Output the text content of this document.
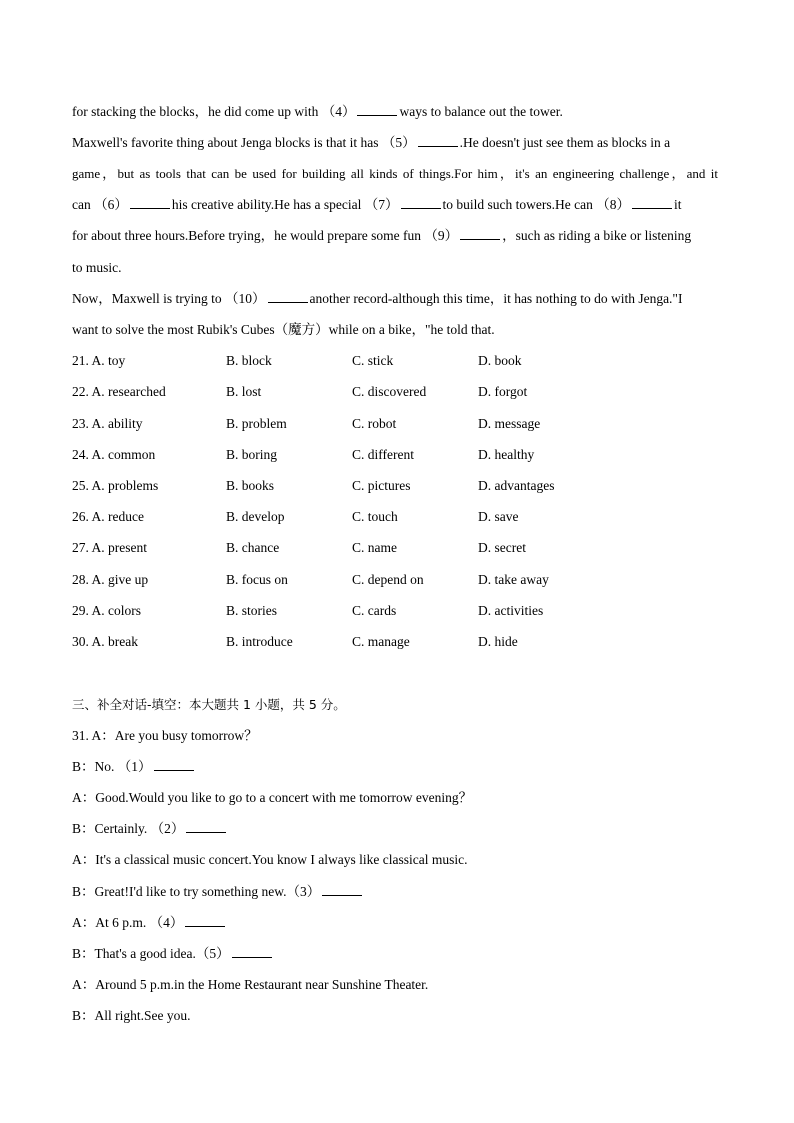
for stacking the blocks，he did come up with （4）	ways to balance out the tower.
Maxwell's favorite thing about Jenga blocks is that it has （5）	.He doesn't just see them as blocks in a
game，but as tools that can be used for building all kinds of things.For him，it's an engineering challenge，and it
can （6）	his creative ability.He has a special （7）	to build such towers.He can （8）	it
for about three hours.Before trying，he would prepare some fun （9）	，such as riding a bike or listening
to music.
Now，Maxwell is trying to （10）	another record-although this time，it has nothing to do with Jenga."I
want to solve the most Rubik's Cubes（魔方）while on a bike，"he told that.
21. A. toy	B. block	C. stick	D. book
22. A. researched	B. lost	C. discovered	D. forgot
23. A. ability	B. problem	C. robot	D. message
24. A. common	B. boring	C. different	D. healthy
25. A. problems	B. books	C. pictures	D. advantages
26. A. reduce	B. develop	C. touch	D. save
27. A. present	B. chance	C. name	D. secret
28. A. give up	B. focus on	C. depend on	D. take away
29. A. colors	B. stories	C. cards	D. activities
30. A. break	B. introduce	C. manage	D. hide
三、补全对话-填空：本大题共 1 小题，共 5 分。
31. A：Are you busy tomorrow？
B：No. （1）
A：Good.Would you like to go to a concert with me tomorrow evening？
B：Certainly. （2）
A：It's a classical music concert.You know I always like classical music.
B：Great!I'd like to try something new.（3）
A：At 6 p.m. （4）
B：That's a good idea.（5）
A：Around 5 p.m.in the Home Restaurant near Sunshine Theater.
B：All right.See you.
